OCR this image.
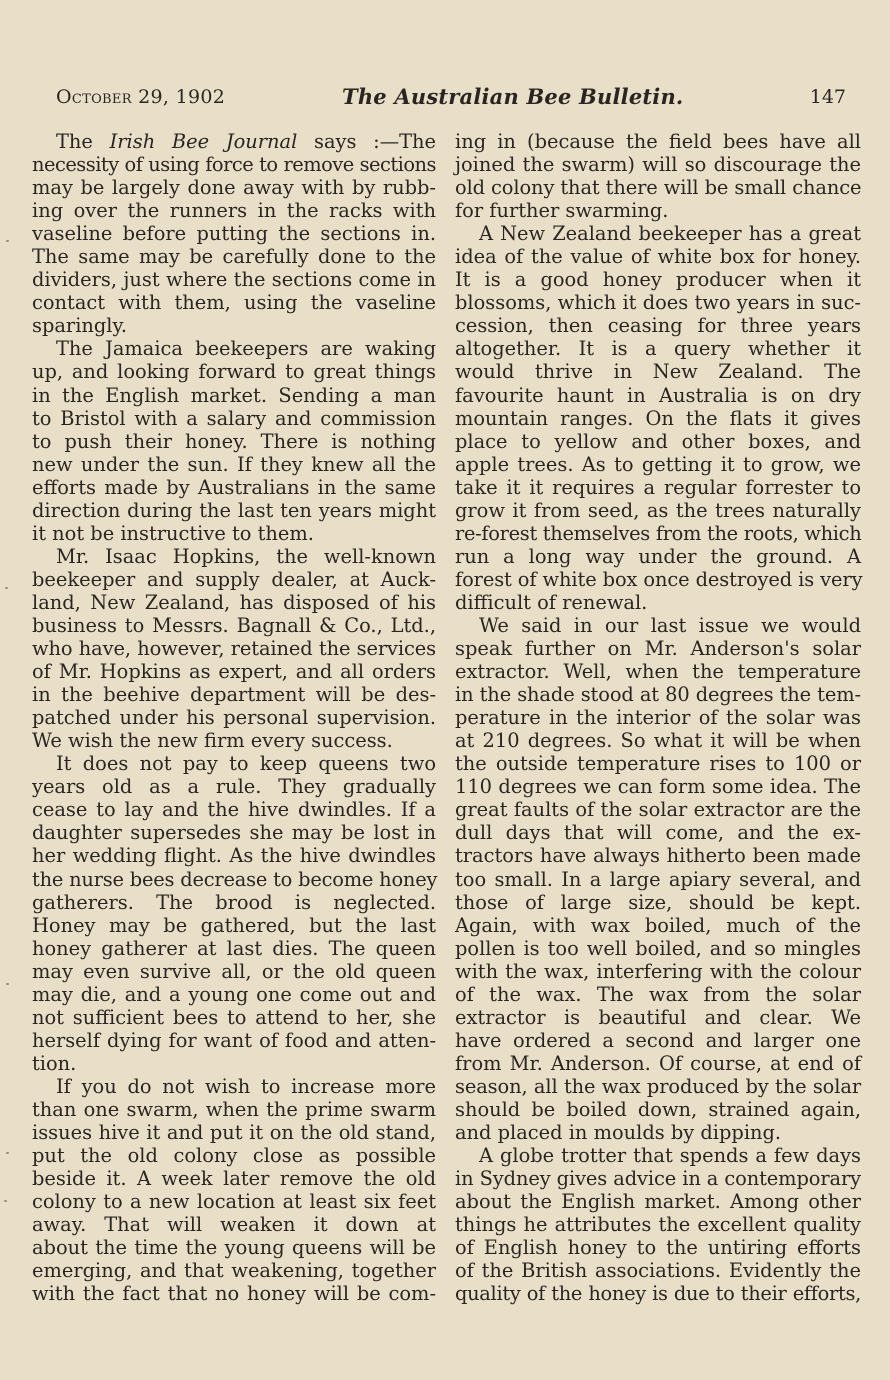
October 29, 1902	The Australian Bee Bulletin.	147
The Irish Bee Journal says :—The
necessity of using force to remove sections
may be largely done away with by rubb-
ing over the runners in the racks with
vaseline before putting the sections in.
The same may be carefully done to the
dividers, just where the sections come in
contact with them, using the vaseline
sparingly.
The Jamaica beekeepers are waking
up, and looking forward to great things
in the English market. Sending a man
to Bristol with a salary and commission
to push their honey. There is nothing
new under the sun. If they knew all the
efforts made by Australians in the same
direction during the last ten years might
it not be instructive to them.
Mr. Isaac Hopkins, the well-known
beekeeper and supply dealer, at Auck-
land, New Zealand, has disposed of his
business to Messrs. Bagnall & Co., Ltd.,
who have, however, retained the services
of Mr. Hopkins as expert, and all orders
in the beehive department will be des-
patched under his personal supervision.
We wish the new firm every success.
It does not pay to keep queens two
years old as a rule. They gradually
cease to lay and the hive dwindles. If a
daughter supersedes she may be lost in
her wedding flight. As the hive dwindles
the nurse bees decrease to become honey
gatherers. The brood is neglected.
Honey may be gathered, but the last
honey gatherer at last dies. The queen
may even survive all, or the old queen
may die, and a young one come out and
not sufficient bees to attend to her, she
herself dying for want of food and atten-
tion.
If you do not wish to increase more
than one swarm, when the prime swarm
issues hive it and put it on the old stand,
put the old colony close as possible
beside it. A week later remove the old
colony to a new location at least six feet
away. That will weaken it down at
about the time the young queens will be
emerging, and that weakening, together
with the fact that no honey will be com-
ing in (because the field bees have all
joined the swarm) will so discourage the
old colony that there will be small chance
for further swarming.
A New Zealand beekeeper has a great
idea of the value of white box for honey.
It is a good honey producer when it
blossoms, which it does two years in suc-
cession, then ceasing for three years
altogether. It is a query whether it
would thrive in New Zealand. The
favourite haunt in Australia is on dry
mountain ranges. On the flats it gives
place to yellow and other boxes, and
apple trees. As to getting it to grow, we
take it it requires a regular forrester to
grow it from seed, as the trees naturally
re-forest themselves from the roots, which
run a long way under the ground. A
forest of white box once destroyed is very
difficult of renewal.
We said in our last issue we would
speak further on Mr. Anderson's solar
extractor. Well, when the temperature
in the shade stood at 80 degrees the tem-
perature in the interior of the solar was
at 210 degrees. So what it will be when
the outside temperature rises to 100 or
110 degrees we can form some idea. The
great faults of the solar extractor are the
dull days that will come, and the ex-
tractors have always hitherto been made
too small. In a large apiary several, and
those of large size, should be kept.
Again, with wax boiled, much of the
pollen is too well boiled, and so mingles
with the wax, interfering with the colour
of the wax. The wax from the solar
extractor is beautiful and clear. We
have ordered a second and larger one
from Mr. Anderson. Of course, at end of
season, all the wax produced by the solar
should be boiled down, strained again,
and placed in moulds by dipping.
A globe trotter that spends a few days
in Sydney gives advice in a contemporary
about the English market. Among other
things he attributes the excellent quality
of English honey to the untiring efforts
of the British associations. Evidently the
quality of the honey is due to their efforts,
